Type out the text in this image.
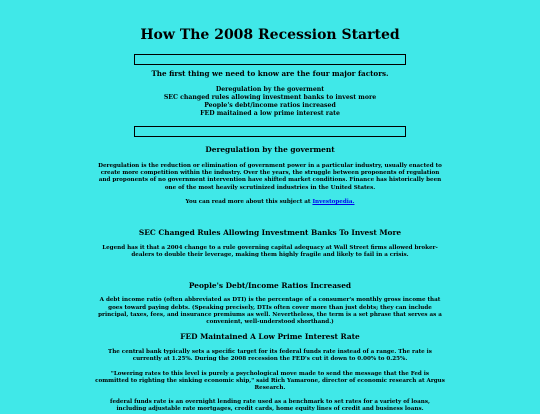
How The 2008 Recession Started
The first thing we need to know are the four major factors.
Deregulation by the goverment
SEC changed rules allowing investment banks to invest more
People's debt/income ratios increased
FED maitained a low prime interest rate
Deregulation by the goverment

Deregulation is the reduction or elimination of government power in a particular industry, usually enacted to create more competition within the industry. Over the years, the struggle between proponents of regulation and proponents of no government intervention have shifted market conditions. Finance has historically been one of the most heavily scrutinized industries in the United States.

You can read more about this subject at Investopedia.

SEC Changed Rules Allowing Investment Banks To Invest More

Legend has it that a 2004 change to a rule governing capital adequacy at Wall Street firms allowed broker-dealers to double their leverage, making them highly fragile and likely to fail in a crisis.

People's Debt/Income Ratios Increased

A debt income ratio (often abbreviated as DTI) is the percentage of a consumer's monthly gross income that goes toward paying debts. (Speaking precisely, DTIs often cover more than just debts; they can include principal, taxes, fees, and insurance premiums as well. Nevertheless, the term is a set phrase that serves as a convenient, well-understood shorthand.)

FED Maintained A Low Prime Interest Rate

The central bank typically sets a specific target for its federal funds rate instead of a range. The rate is currently at 1.25%. During the 2008 recession the FED's cut it down to 0.00% to 0.25%.

"Lowering rates to this level is purely a psychological move made to send the message that the Fed is committed to righting the sinking economic ship," said Rich Yamarone, director of economic research at Argus Research.

federal funds rate is an overnight lending rate used as a benchmark to set rates for a variety of loans, including adjustable rate mortgages, credit cards, home equity lines of credit and business loans.
